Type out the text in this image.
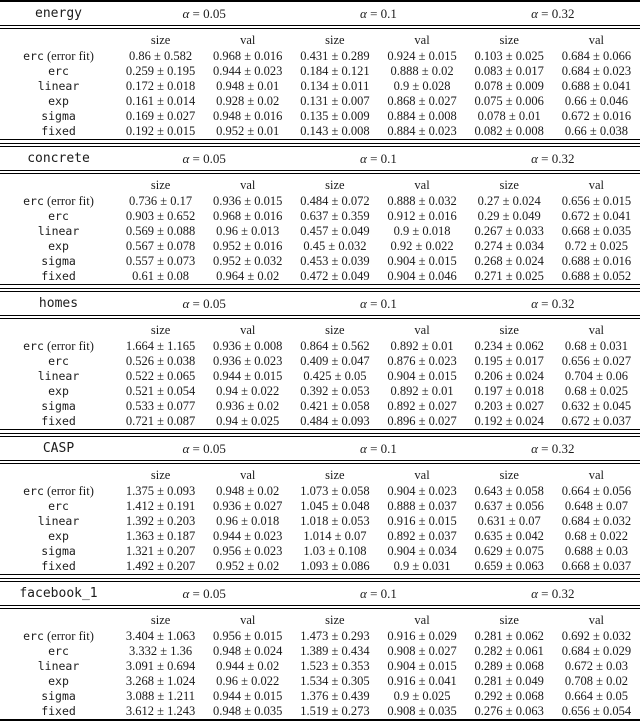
energy	α = 0.05		α = 0.1		α = 0.32	
	size	val	size	val	size	val
erc (error fit)	0.86 ± 0.582	0.968 ± 0.016	0.431 ± 0.289	0.924 ± 0.015	0.103 ± 0.025	0.684 ± 0.066
erc	0.259 ± 0.195	0.944 ± 0.023	0.184 ± 0.121	0.888 ± 0.02	0.083 ± 0.017	0.684 ± 0.023
linear	0.172 ± 0.018	0.948 ± 0.01	0.134 ± 0.011	0.9 ± 0.028	0.078 ± 0.009	0.688 ± 0.041
exp	0.161 ± 0.014	0.928 ± 0.02	0.131 ± 0.007	0.868 ± 0.027	0.075 ± 0.006	0.66 ± 0.046
sigma	0.169 ± 0.027	0.948 ± 0.016	0.135 ± 0.009	0.884 ± 0.008	0.078 ± 0.01	0.672 ± 0.016
fixed	0.192 ± 0.015	0.952 ± 0.01	0.143 ± 0.008	0.884 ± 0.023	0.082 ± 0.008	0.66 ± 0.038
concrete	α = 0.05		α = 0.1		α = 0.32	
	size	val	size	val	size	val
erc (error fit)	0.736 ± 0.17	0.936 ± 0.015	0.484 ± 0.072	0.888 ± 0.032	0.27 ± 0.024	0.656 ± 0.015
erc	0.903 ± 0.652	0.968 ± 0.016	0.637 ± 0.359	0.912 ± 0.016	0.29 ± 0.049	0.672 ± 0.041
linear	0.569 ± 0.088	0.96 ± 0.013	0.457 ± 0.049	0.9 ± 0.018	0.267 ± 0.033	0.668 ± 0.035
exp	0.567 ± 0.078	0.952 ± 0.016	0.45 ± 0.032	0.92 ± 0.022	0.274 ± 0.034	0.72 ± 0.025
sigma	0.557 ± 0.073	0.952 ± 0.032	0.453 ± 0.039	0.904 ± 0.015	0.268 ± 0.024	0.688 ± 0.016
fixed	0.61 ± 0.08	0.964 ± 0.02	0.472 ± 0.049	0.904 ± 0.046	0.271 ± 0.025	0.688 ± 0.052
homes	α = 0.05		α = 0.1		α = 0.32	
	size	val	size	val	size	val
erc (error fit)	1.664 ± 1.165	0.936 ± 0.008	0.864 ± 0.562	0.892 ± 0.01	0.234 ± 0.062	0.68 ± 0.031
erc	0.526 ± 0.038	0.936 ± 0.023	0.409 ± 0.047	0.876 ± 0.023	0.195 ± 0.017	0.656 ± 0.027
linear	0.522 ± 0.065	0.944 ± 0.015	0.425 ± 0.05	0.904 ± 0.015	0.206 ± 0.024	0.704 ± 0.06
exp	0.521 ± 0.054	0.94 ± 0.022	0.392 ± 0.053	0.892 ± 0.01	0.197 ± 0.018	0.68 ± 0.025
sigma	0.533 ± 0.077	0.936 ± 0.02	0.421 ± 0.058	0.892 ± 0.027	0.203 ± 0.027	0.632 ± 0.045
fixed	0.721 ± 0.087	0.94 ± 0.025	0.484 ± 0.093	0.896 ± 0.027	0.192 ± 0.024	0.672 ± 0.037
CASP	α = 0.05		α = 0.1		α = 0.32	
	size	val	size	val	size	val
erc (error fit)	1.375 ± 0.093	0.948 ± 0.02	1.073 ± 0.058	0.904 ± 0.023	0.643 ± 0.058	0.664 ± 0.056
erc	1.412 ± 0.191	0.936 ± 0.027	1.045 ± 0.048	0.888 ± 0.037	0.637 ± 0.056	0.648 ± 0.07
linear	1.392 ± 0.203	0.96 ± 0.018	1.018 ± 0.053	0.916 ± 0.015	0.631 ± 0.07	0.684 ± 0.032
exp	1.363 ± 0.187	0.944 ± 0.023	1.014 ± 0.07	0.892 ± 0.037	0.635 ± 0.042	0.68 ± 0.022
sigma	1.321 ± 0.207	0.956 ± 0.023	1.03 ± 0.108	0.904 ± 0.034	0.629 ± 0.075	0.688 ± 0.03
fixed	1.492 ± 0.207	0.952 ± 0.02	1.093 ± 0.086	0.9 ± 0.031	0.659 ± 0.063	0.668 ± 0.037
facebook_1	α = 0.05		α = 0.1		α = 0.32	
	size	val	size	val	size	val
erc (error fit)	3.404 ± 1.063	0.956 ± 0.015	1.473 ± 0.293	0.916 ± 0.029	0.281 ± 0.062	0.692 ± 0.032
erc	3.332 ± 1.36	0.948 ± 0.024	1.389 ± 0.434	0.908 ± 0.027	0.282 ± 0.061	0.684 ± 0.029
linear	3.091 ± 0.694	0.944 ± 0.02	1.523 ± 0.353	0.904 ± 0.015	0.289 ± 0.068	0.672 ± 0.03
exp	3.268 ± 1.024	0.96 ± 0.022	1.534 ± 0.305	0.916 ± 0.041	0.281 ± 0.049	0.708 ± 0.02
sigma	3.088 ± 1.211	0.944 ± 0.015	1.376 ± 0.439	0.9 ± 0.025	0.292 ± 0.068	0.664 ± 0.05
fixed	3.612 ± 1.243	0.948 ± 0.035	1.519 ± 0.273	0.908 ± 0.035	0.276 ± 0.063	0.656 ± 0.054
